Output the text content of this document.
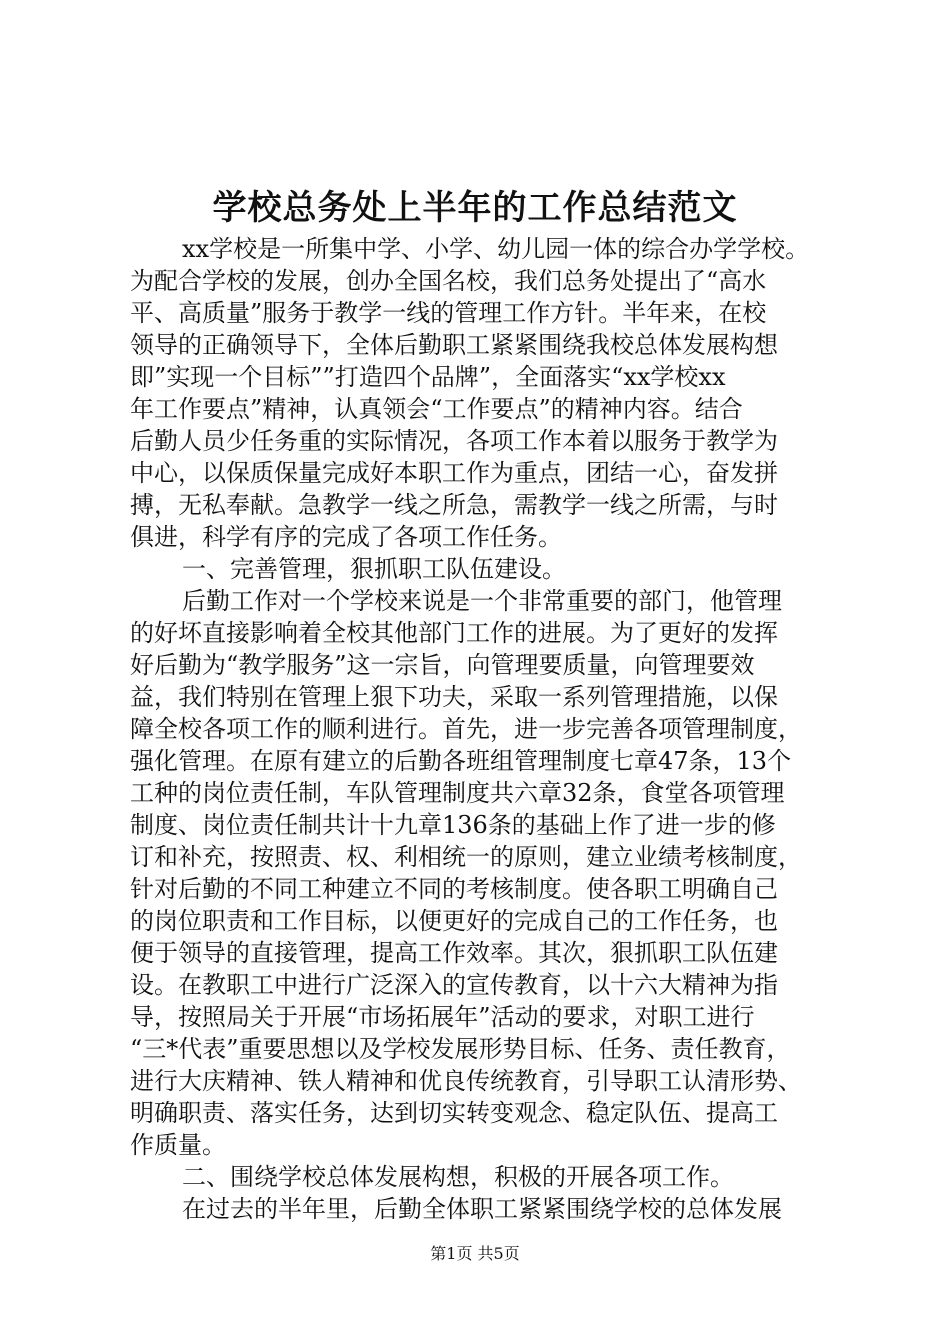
学校总务处上半年的工作总结范文
xx学校是一所集中学、小学、幼儿园一体的综合办学学校。
为配合学校的发展，创办全国名校，我们总务处提出了“高水
平、高质量”服务于教学一线的管理工作方针。半年来，在校
领导的正确领导下，全体后勤职工紧紧围绕我校总体发展构想
即”实现一个目标””打造四个品牌”，全面落实“xx学校xx
年工作要点”精神，认真领会“工作要点”的精神内容。结合
后勤人员少任务重的实际情况，各项工作本着以服务于教学为
中心，以保质保量完成好本职工作为重点，团结一心，奋发拼
搏，无私奉献。急教学一线之所急，需教学一线之所需，与时
俱进，科学有序的完成了各项工作任务。
一、完善管理，狠抓职工队伍建设。
后勤工作对一个学校来说是一个非常重要的部门，他管理
的好坏直接影响着全校其他部门工作的进展。为了更好的发挥
好后勤为“教学服务”这一宗旨，向管理要质量，向管理要效
益，我们特别在管理上狠下功夫，采取一系列管理措施，以保
障全校各项工作的顺利进行。首先，进一步完善各项管理制度，
强化管理。在原有建立的后勤各班组管理制度七章47条，13个
工种的岗位责任制，车队管理制度共六章32条，食堂各项管理
制度、岗位责任制共计十九章136条的基础上作了进一步的修
订和补充，按照责、权、利相统一的原则，建立业绩考核制度，
针对后勤的不同工种建立不同的考核制度。使各职工明确自己
的岗位职责和工作目标，以便更好的完成自己的工作任务，也
便于领导的直接管理，提高工作效率。其次，狠抓职工队伍建
设。在教职工中进行广泛深入的宣传教育，以十六大精神为指
导，按照局关于开展“市场拓展年”活动的要求，对职工进行
“三*代表”重要思想以及学校发展形势目标、任务、责任教育，
进行大庆精神、铁人精神和优良传统教育，引导职工认清形势、
明确职责、落实任务，达到切实转变观念、稳定队伍、提高工
作质量。
二、围绕学校总体发展构想，积极的开展各项工作。
在过去的半年里，后勤全体职工紧紧围绕学校的总体发展
第1页 共5页
